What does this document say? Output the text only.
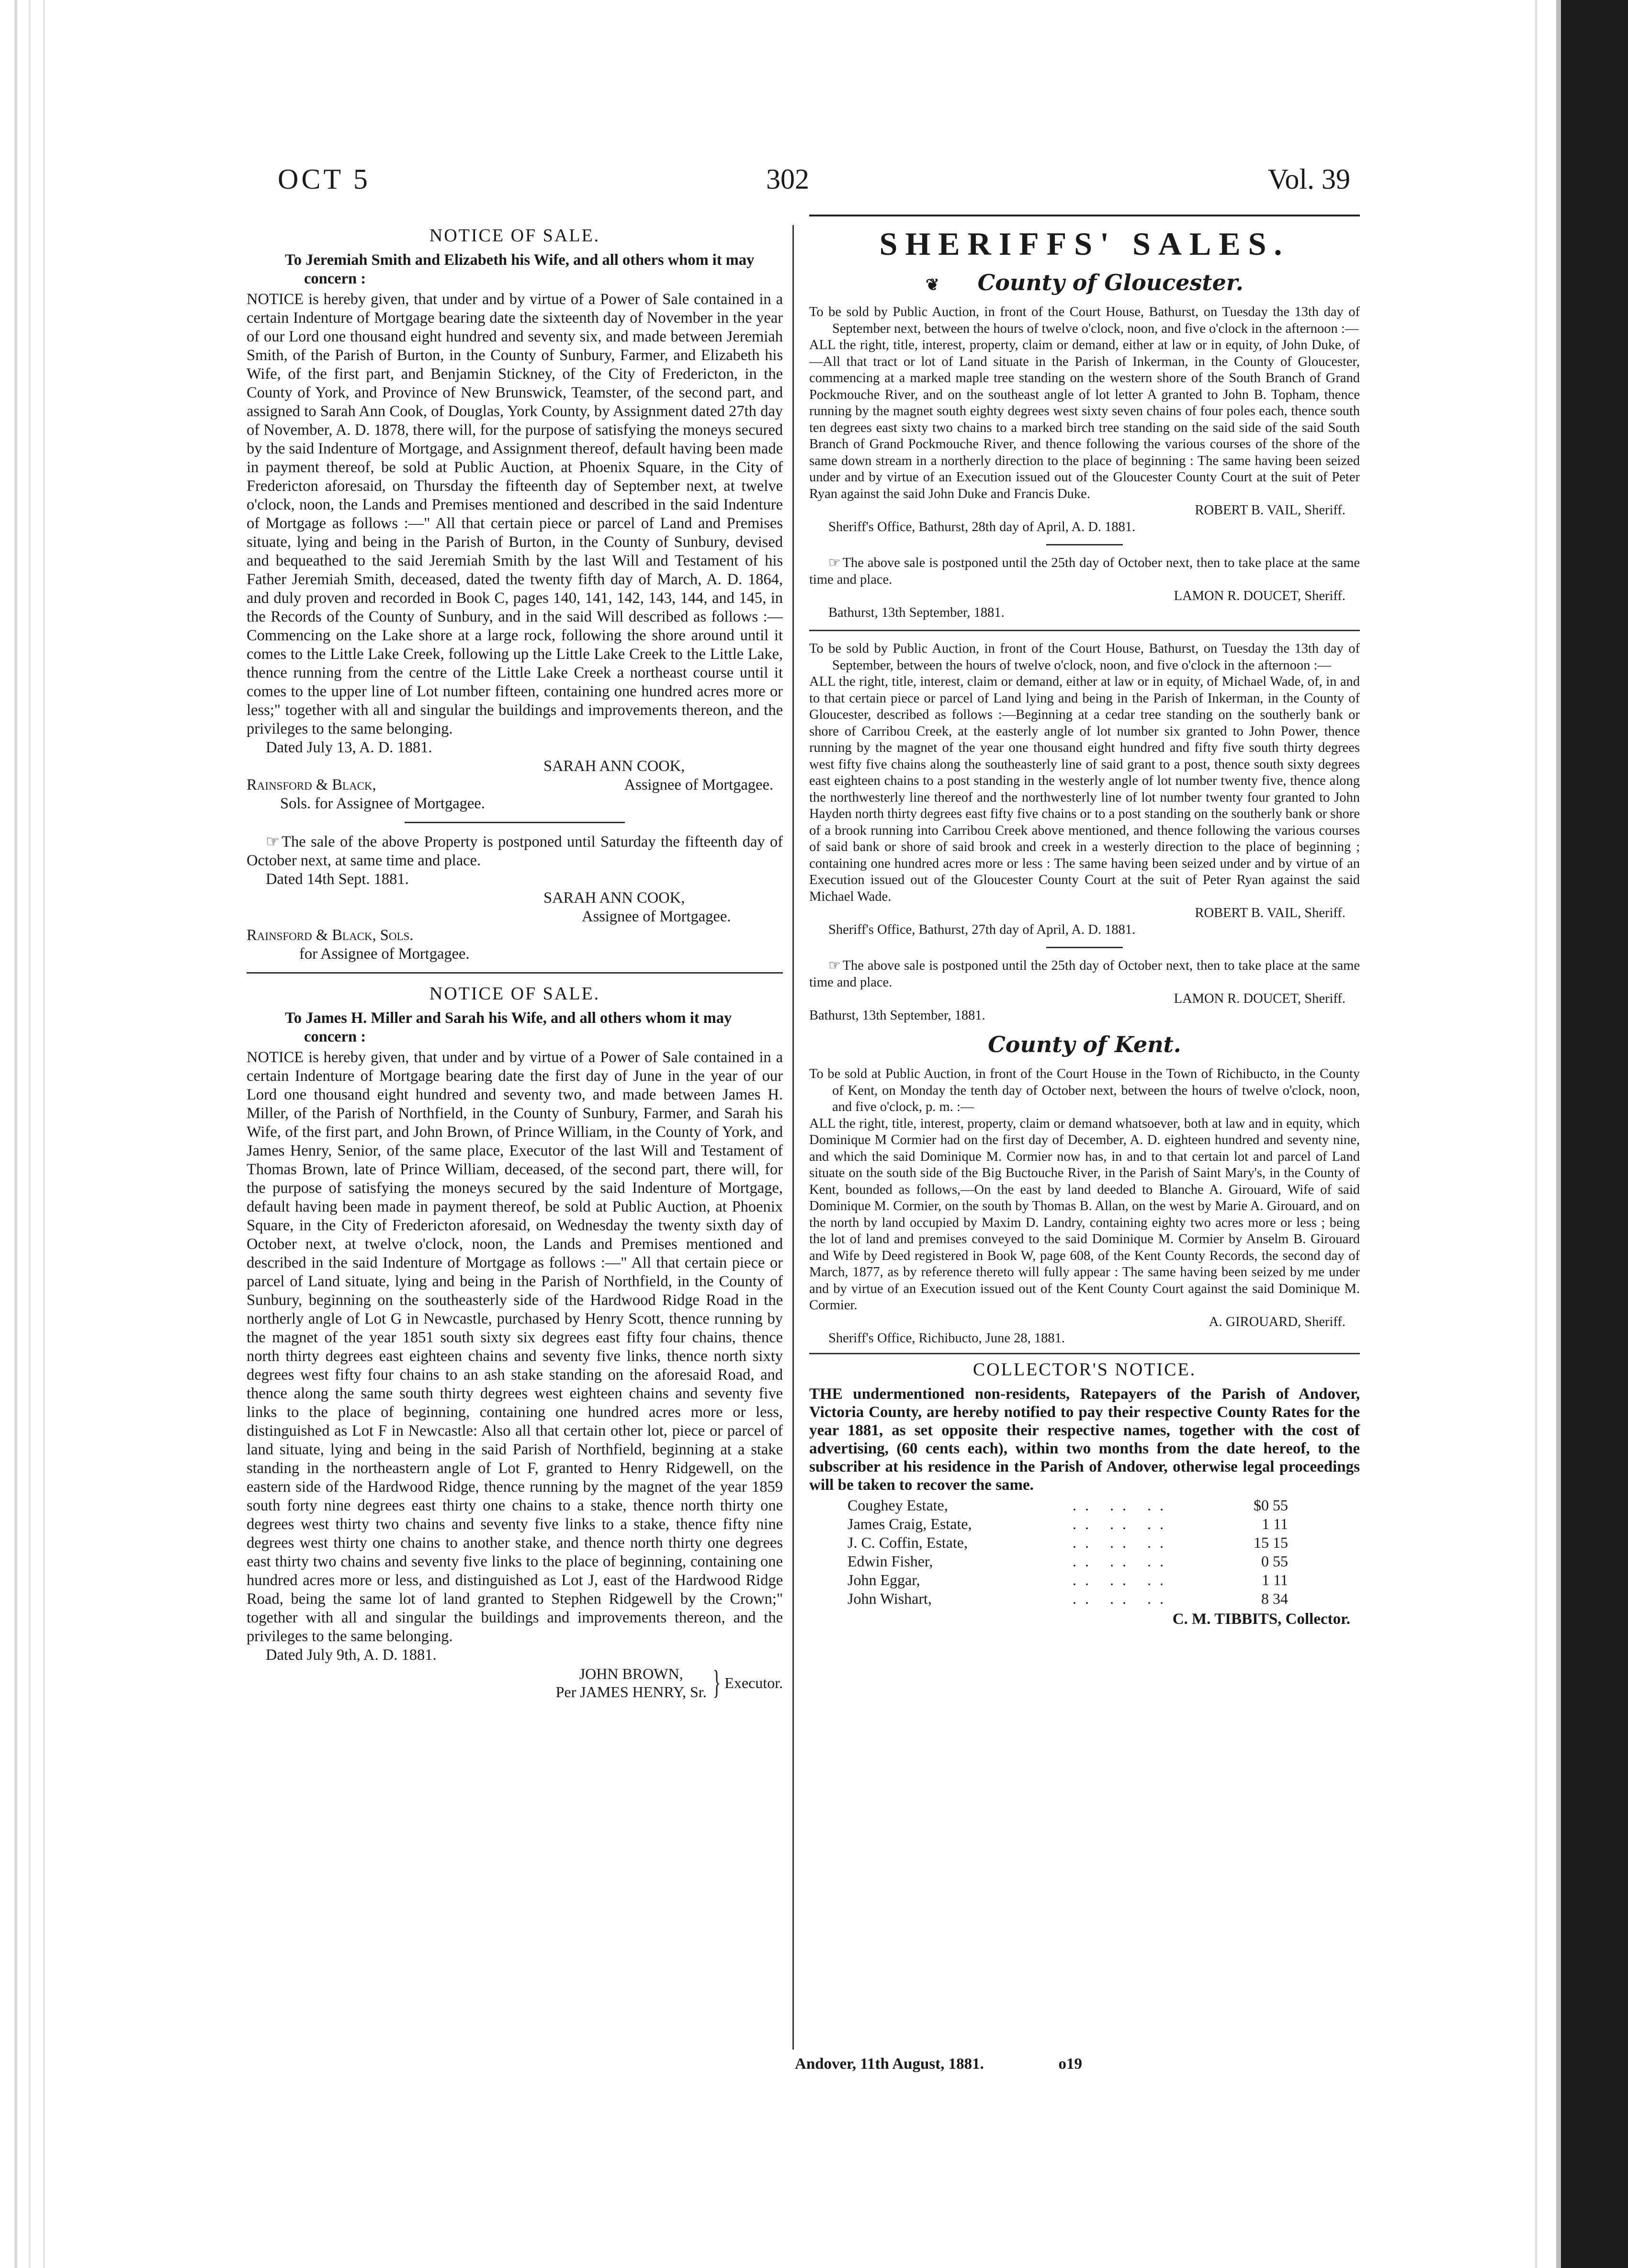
OCT 5	302	Vol. 39
NOTICE OF SALE.

To Jeremiah Smith and Elizabeth his Wife, and all others whom it may concern :

NOTICE is hereby given, that under and by virtue of a Power of Sale contained in a certain Indenture of Mortgage bearing date the sixteenth day of November in the year of our Lord one thousand eight hundred and seventy six, and made between Jeremiah Smith, of the Parish of Burton, in the County of Sunbury, Farmer, and Elizabeth his Wife, of the first part, and Benjamin Stickney, of the City of Fredericton, in the County of York, and Province of New Brunswick, Teamster, of the second part, and assigned to Sarah Ann Cook, of Douglas, York County, by Assignment dated 27th day of November, A. D. 1878, there will, for the purpose of satisfying the moneys secured by the said Indenture of Mortgage, and Assignment thereof, default having been made in payment thereof, be sold at Public Auction, at Phoenix Square, in the City of Fredericton aforesaid, on Thursday the fifteenth day of September next, at twelve o'clock, noon, the Lands and Premises mentioned and described in the said Indenture of Mortgage as follows :—" All that certain piece or parcel of Land and Premises situate, lying and being in the Parish of Burton, in the County of Sunbury, devised and bequeathed to the said Jeremiah Smith by the last Will and Testament of his Father Jeremiah Smith, deceased, dated the twenty fifth day of March, A. D. 1864, and duly proven and recorded in Book C, pages 140, 141, 142, 143, 144, and 145, in the Records of the County of Sunbury, and in the said Will described as follows :—Commencing on the Lake shore at a large rock, following the shore around until it comes to the Little Lake Creek, following up the Little Lake Creek to the Little Lake, thence running from the centre of the Little Lake Creek a northeast course until it comes to the upper line of Lot number fifteen, containing one hundred acres more or less;" together with all and singular the buildings and improvements thereon, and the privileges to the same belonging.

Dated July 13, A. D. 1881.

SARAH ANN COOK,

Rainsford & Black,	Assignee of Mortgagee.

Sols. for Assignee of Mortgagee.

☞ The sale of the above Property is postponed until Saturday the fifteenth day of October next, at same time and place.

Dated 14th Sept. 1881.

SARAH ANN COOK,

Assignee of Mortgagee.

Rainsford & Black, Sols.

for Assignee of Mortgagee.

NOTICE OF SALE.

To James H. Miller and Sarah his Wife, and all others whom it may concern :

NOTICE is hereby given, that under and by virtue of a Power of Sale contained in a certain Indenture of Mortgage bearing date the first day of June in the year of our Lord one thousand eight hundred and seventy two, and made between James H. Miller, of the Parish of Northfield, in the County of Sunbury, Farmer, and Sarah his Wife, of the first part, and John Brown, of Prince William, in the County of York, and James Henry, Senior, of the same place, Executor of the last Will and Testament of Thomas Brown, late of Prince William, deceased, of the second part, there will, for the purpose of satisfying the moneys secured by the said Indenture of Mortgage, default having been made in payment thereof, be sold at Public Auction, at Phoenix Square, in the City of Fredericton aforesaid, on Wednesday the twenty sixth day of October next, at twelve o'clock, noon, the Lands and Premises mentioned and described in the said Indenture of Mortgage as follows :—" All that certain piece or parcel of Land situate, lying and being in the Parish of Northfield, in the County of Sunbury, beginning on the southeasterly side of the Hardwood Ridge Road in the northerly angle of Lot G in Newcastle, purchased by Henry Scott, thence running by the magnet of the year 1851 south sixty six degrees east fifty four chains, thence north thirty degrees east eighteen chains and seventy five links, thence north sixty degrees west fifty four chains to an ash stake standing on the aforesaid Road, and thence along the same south thirty degrees west eighteen chains and seventy five links to the place of beginning, containing one hundred acres more or less, distinguished as Lot F in Newcastle: Also all that certain other lot, piece or parcel of land situate, lying and being in the said Parish of Northfield, beginning at a stake standing in the northeastern angle of Lot F, granted to Henry Ridgewell, on the eastern side of the Hardwood Ridge, thence running by the magnet of the year 1859 south forty nine degrees east thirty one chains to a stake, thence north thirty one degrees west thirty two chains and seventy five links to a stake, thence fifty nine degrees west thirty one chains to another stake, and thence north thirty one degrees east thirty two chains and seventy five links to the place of beginning, containing one hundred acres more or less, and distinguished as Lot J, east of the Hardwood Ridge Road, being the same lot of land granted to Stephen Ridgewell by the Crown;" together with all and singular the buildings and improvements thereon, and the privileges to the same belonging.

Dated July 9th, A. D. 1881.

JOHN BROWN,
Per JAMES HENRY, Sr. } Executor.
SHERIFFS' SALES.
❦ County of Gloucester.

To be sold by Public Auction, in front of the Court House, Bathurst, on Tuesday the 13th day of September next, between the hours of twelve o'clock, noon, and five o'clock in the afternoon :—

ALL the right, title, interest, property, claim or demand, either at law or in equity, of John Duke, of—All that tract or lot of Land situate in the Parish of Inkerman, in the County of Gloucester, commencing at a marked maple tree standing on the western shore of the South Branch of Grand Pockmouche River, and on the southeast angle of lot letter A granted to John B. Topham, thence running by the magnet south eighty degrees west sixty seven chains of four poles each, thence south ten degrees east sixty two chains to a marked birch tree standing on the said side of the said South Branch of Grand Pockmouche River, and thence following the various courses of the shore of the same down stream in a northerly direction to the place of beginning : The same having been seized under and by virtue of an Execution issued out of the Gloucester County Court at the suit of Peter Ryan against the said John Duke and Francis Duke.

ROBERT B. VAIL, Sheriff.

Sheriff's Office, Bathurst, 28th day of April, A. D. 1881.

☞ The above sale is postponed until the 25th day of October next, then to take place at the same time and place.

LAMON R. DOUCET, Sheriff.

Bathurst, 13th September, 1881.

To be sold by Public Auction, in front of the Court House, Bathurst, on Tuesday the 13th day of September, between the hours of twelve o'clock, noon, and five o'clock in the afternoon :—

ALL the right, title, interest, claim or demand, either at law or in equity, of Michael Wade, of, in and to that certain piece or parcel of Land lying and being in the Parish of Inkerman, in the County of Gloucester, described as follows :—Beginning at a cedar tree standing on the southerly bank or shore of Carribou Creek, at the easterly angle of lot number six granted to John Power, thence running by the magnet of the year one thousand eight hundred and fifty five south thirty degrees west fifty five chains along the southeasterly line of said grant to a post, thence south sixty degrees east eighteen chains to a post standing in the westerly angle of lot number twenty five, thence along the northwesterly line thereof and the northwesterly line of lot number twenty four granted to John Hayden north thirty degrees east fifty five chains or to a post standing on the southerly bank or shore of a brook running into Carribou Creek above mentioned, and thence following the various courses of said bank or shore of said brook and creek in a westerly direction to the place of beginning ; containing one hundred acres more or less : The same having been seized under and by virtue of an Execution issued out of the Gloucester County Court at the suit of Peter Ryan against the said Michael Wade.

ROBERT B. VAIL, Sheriff.

Sheriff's Office, Bathurst, 27th day of April, A. D. 1881.

☞ The above sale is postponed until the 25th day of October next, then to take place at the same time and place.

LAMON R. DOUCET, Sheriff.

Bathurst, 13th September, 1881.

County of Kent.

To be sold at Public Auction, in front of the Court House in the Town of Richibucto, in the County of Kent, on Monday the tenth day of October next, between the hours of twelve o'clock, noon, and five o'clock, p. m. :—

ALL the right, title, interest, property, claim or demand whatsoever, both at law and in equity, which Dominique M Cormier had on the first day of December, A. D. eighteen hundred and seventy nine, and which the said Dominique M. Cormier now has, in and to that certain lot and parcel of Land situate on the south side of the Big Buctouche River, in the Parish of Saint Mary's, in the County of Kent, bounded as follows,—On the east by land deeded to Blanche A. Girouard, Wife of said Dominique M. Cormier, on the south by Thomas B. Allan, on the west by Marie A. Girouard, and on the north by land occupied by Maxim D. Landry, containing eighty two acres more or less ; being the lot of land and premises conveyed to the said Dominique M. Cormier by Anselm B. Girouard and Wife by Deed registered in Book W, page 608, of the Kent County Records, the second day of March, 1877, as by reference thereto will fully appear : The same having been seized by me under and by virtue of an Execution issued out of the Kent County Court against the said Dominique M. Cormier.

A. GIROUARD, Sheriff.

Sheriff's Office, Richibucto, June 28, 1881.

COLLECTOR'S NOTICE.

THE undermentioned non-residents, Ratepayers of the Parish of Andover, Victoria County, are hereby notified to pay their respective County Rates for the year 1881, as set opposite their respective names, together with the cost of advertising, (60 cents each), within two months from the date hereof, to the subscriber at his residence in the Parish of Andover, otherwise legal proceedings will be taken to recover the same.

Coughey Estate,	.. .. ..	$0 55
James Craig, Estate,	.. .. ..	1 11
J. C. Coffin, Estate,	.. .. ..	15 15
Edwin Fisher,	.. .. ..	0 55
John Eggar,	.. .. ..	1 11
John Wishart,	.. .. ..	8 34

C. M. TIBBITS, Collector.

Andover, 11th August, 1881.	o19
